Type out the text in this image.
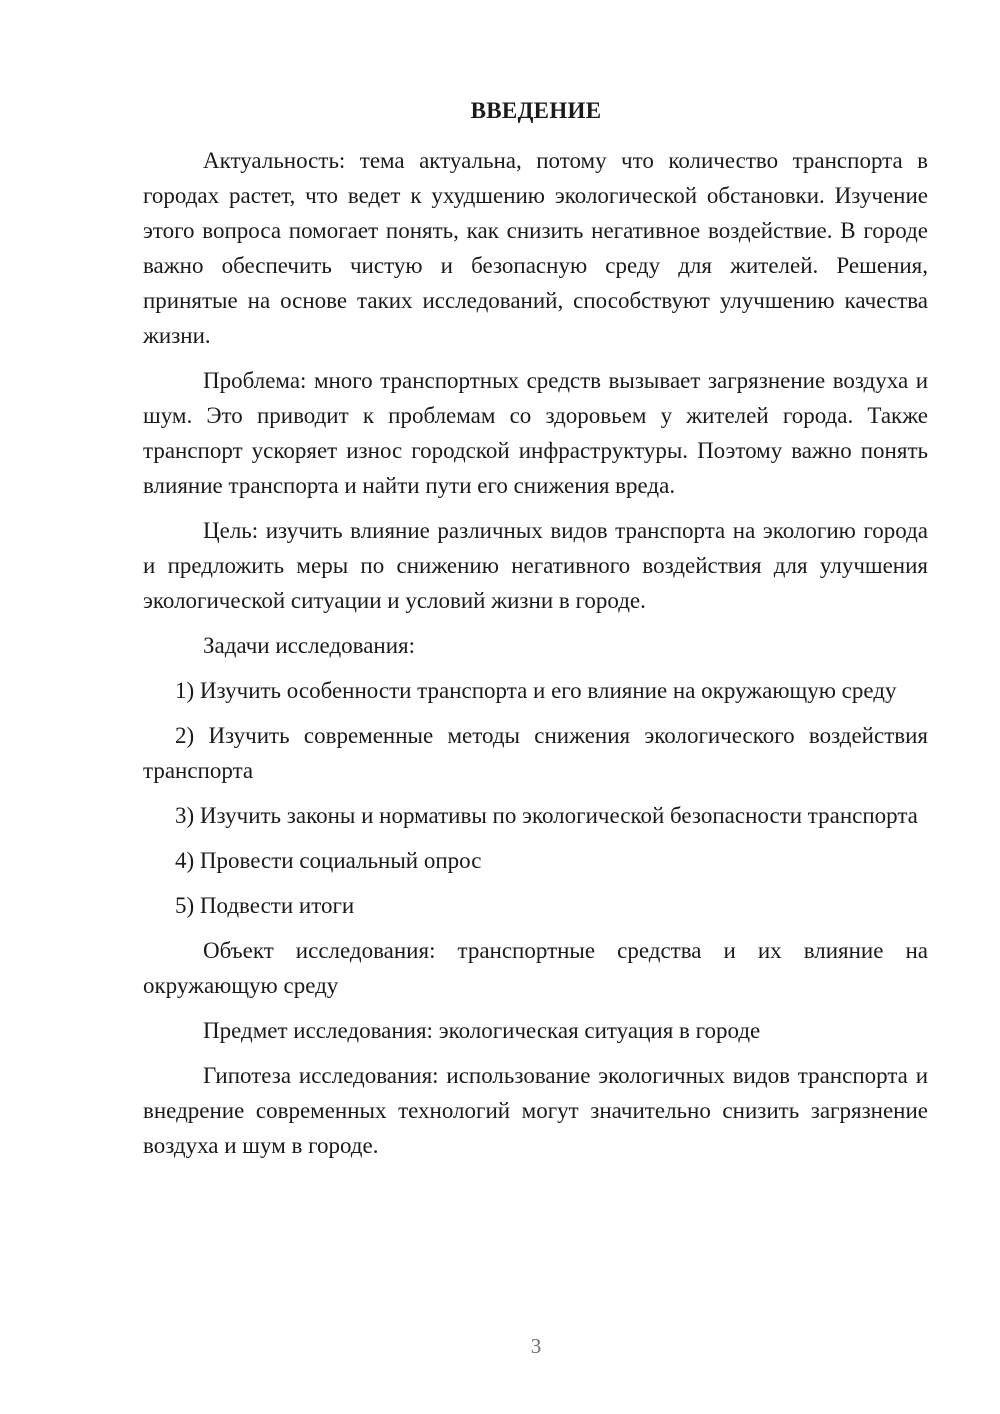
ВВЕДЕНИЕ

Актуальность: тема актуальна, потому что количество транспорта в городах растет, что ведет к ухудшению экологической обстановки. Изучение этого вопроса помогает понять, как снизить негативное воздействие. В городе важно обеспечить чистую и безопасную среду для жителей. Решения, принятые на основе таких исследований, способствуют улучшению качества жизни.

Проблема: много транспортных средств вызывает загрязнение воздуха и шум. Это приводит к проблемам со здоровьем у жителей города. Также транспорт ускоряет износ городской инфраструктуры. Поэтому важно понять влияние транспорта и найти пути его снижения вреда.

Цель: изучить влияние различных видов транспорта на экологию города и предложить меры по снижению негативного воздействия для улучшения экологической ситуации и условий жизни в городе.

Задачи исследования:

1) Изучить особенности транспорта и его влияние на окружающую среду

2) Изучить современные методы снижения экологического воздействия транспорта

3) Изучить законы и нормативы по экологической безопасности транспорта

4) Провести социальный опрос

5) Подвести итоги

Объект исследования: транспортные средства и их влияние на окружающую среду

Предмет исследования: экологическая ситуация в городе

Гипотеза исследования: использование экологичных видов транспорта и внедрение современных технологий могут значительно снизить загрязнение воздуха и шум в городе.

3
